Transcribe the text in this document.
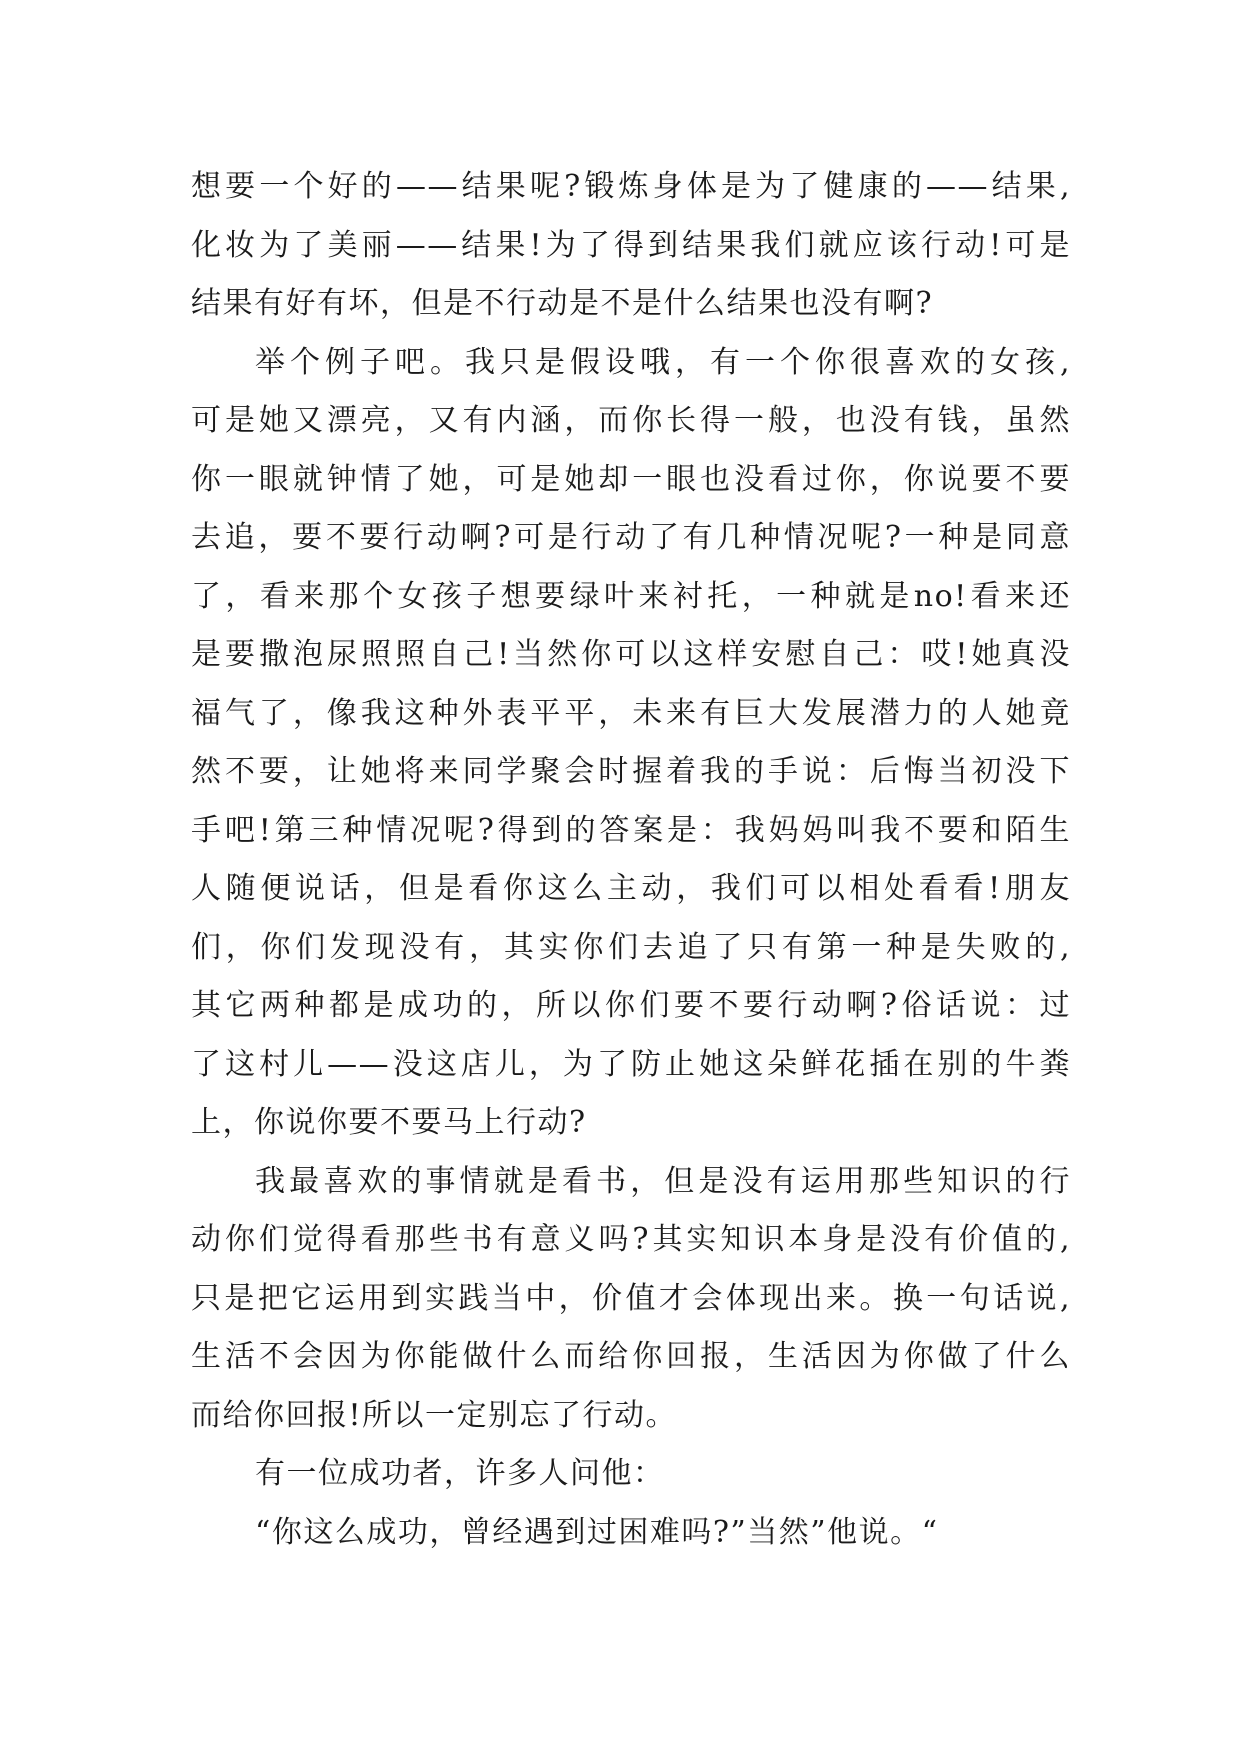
想要一个好的——结果呢?锻炼身体是为了健康的——结果,
化妆为了美丽——结果!为了得到结果我们就应该行动!可是
结果有好有坏，但是不行动是不是什么结果也没有啊?
举个例子吧。我只是假设哦，有一个你很喜欢的女孩,
可是她又漂亮，又有内涵，而你长得一般，也没有钱，虽然
你一眼就钟情了她，可是她却一眼也没看过你，你说要不要
去追，要不要行动啊?可是行动了有几种情况呢?一种是同意
了，看来那个女孩子想要绿叶来衬托，一种就是no!看来还
是要撒泡尿照照自己!当然你可以这样安慰自己：哎!她真没
福气了，像我这种外表平平，未来有巨大发展潜力的人她竟
然不要，让她将来同学聚会时握着我的手说：后悔当初没下
手吧!第三种情况呢?得到的答案是：我妈妈叫我不要和陌生
人随便说话，但是看你这么主动，我们可以相处看看!朋友
们，你们发现没有，其实你们去追了只有第一种是失败的,
其它两种都是成功的，所以你们要不要行动啊?俗话说：过
了这村儿——没这店儿，为了防止她这朵鲜花插在别的牛粪
上，你说你要不要马上行动?
我最喜欢的事情就是看书，但是没有运用那些知识的行
动你们觉得看那些书有意义吗?其实知识本身是没有价值的,
只是把它运用到实践当中，价值才会体现出来。换一句话说,
生活不会因为你能做什么而给你回报，生活因为你做了什么
而给你回报!所以一定别忘了行动。
有一位成功者，许多人问他：
“你这么成功，曾经遇到过困难吗?”当然”他说。“
